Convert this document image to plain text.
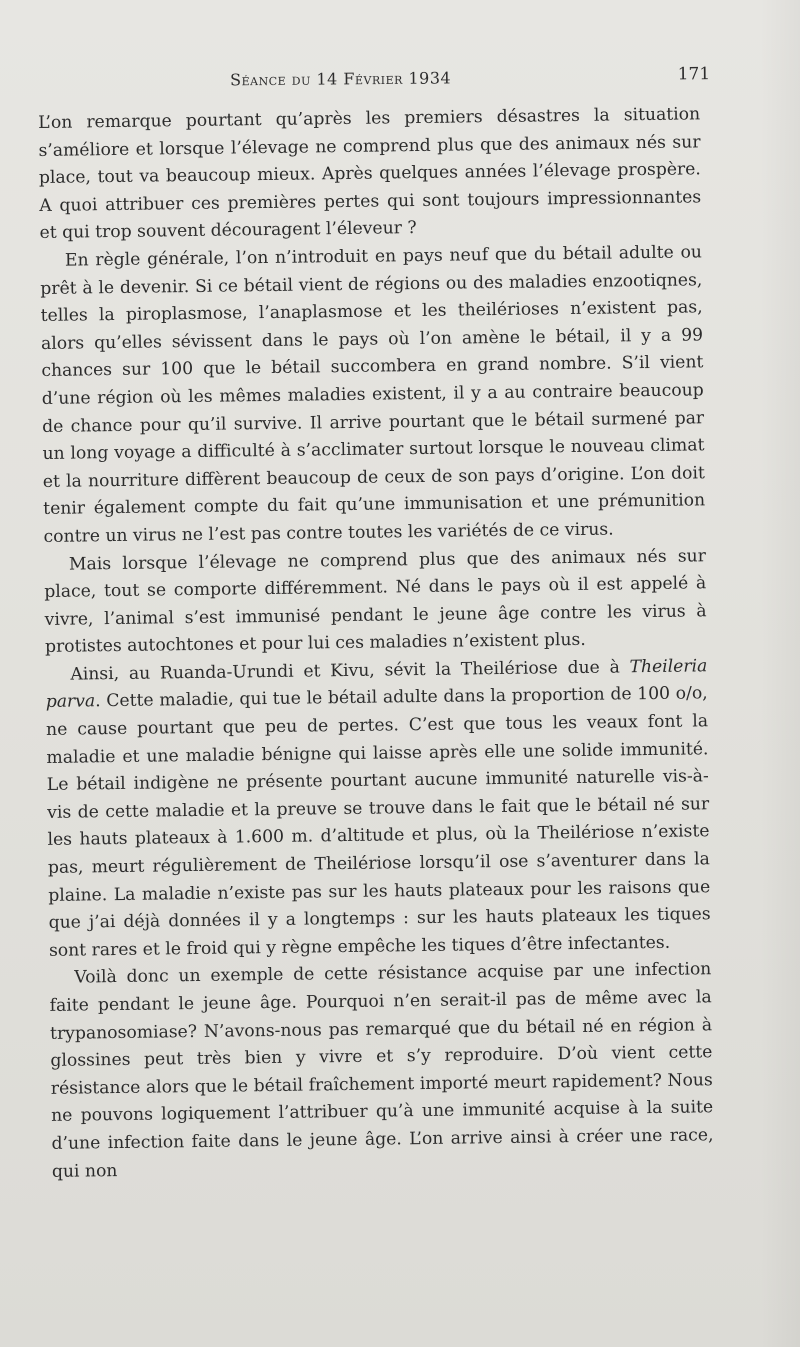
Séance du 14 Février 1934	171

L’on remarque pourtant qu’après les premiers désastres la situation s’améliore et lorsque l’élevage ne comprend plus que des animaux nés sur place, tout va beaucoup mieux. Après quelques années l’élevage prospère. A quoi attribuer ces premières pertes qui sont toujours impressionnantes et qui trop souvent découragent l’éleveur ?

En règle générale, l’on n’introduit en pays neuf que du bétail adulte ou prêt à le devenir. Si ce bétail vient de régions ou des maladies enzootiqnes, telles la piroplasmose, l’anaplasmose et les theilérioses n’existent pas, alors qu’elles sévissent dans le pays où l’on amène le bétail, il y a 99 chances sur 100 que le bétail succombera en grand nombre. S’il vient d’une région où les mêmes maladies existent, il y a au contraire beaucoup de chance pour qu’il survive. Il arrive pourtant que le bétail surmené par un long voyage a difficulté à s’acclimater surtout lorsque le nouveau climat et la nourriture diffèrent beaucoup de ceux de son pays d’origine. L’on doit tenir également compte du fait qu’une immunisation et une prémunition contre un virus ne l’est pas contre toutes les variétés de ce virus.

Mais lorsque l’élevage ne comprend plus que des animaux nés sur place, tout se comporte différemment. Né dans le pays où il est appelé à vivre, l’animal s’est immunisé pendant le jeune âge contre les virus à protistes autochtones et pour lui ces maladies n’existent plus.

Ainsi, au Ruanda-Urundi et Kivu, sévit la Theilériose due à Theileria parva. Cette maladie, qui tue le bétail adulte dans la proportion de 100 o/o, ne cause pourtant que peu de pertes. C’est que tous les veaux font la maladie et une maladie bénigne qui laisse après elle une solide immunité. Le bétail indigène ne présente pourtant aucune immunité naturelle vis-à-vis de cette maladie et la preuve se trouve dans le fait que le bétail né sur les hauts plateaux à 1.600 m. d’altitude et plus, où la Theilériose n’existe pas, meurt régulièrement de Theilériose lorsqu’il ose s’aventurer dans la plaine. La maladie n’existe pas sur les hauts plateaux pour les raisons que que j’ai déjà données il y a longtemps : sur les hauts plateaux les tiques sont rares et le froid qui y règne empêche les tiques d’être infectantes.

Voilà donc un exemple de cette résistance acquise par une infection faite pendant le jeune âge. Pourquoi n’en serait-il pas de même avec la trypanosomiase? N’avons-nous pas remarqué que du bétail né en région à glossines peut très bien y vivre et s’y reproduire. D’où vient cette résistance alors que le bétail fraîchement importé meurt rapidement? Nous ne pouvons logiquement l’attribuer qu’à une immunité acquise à la suite d’une infection faite dans le jeune âge. L’on arrive ainsi à créer une race, qui non
